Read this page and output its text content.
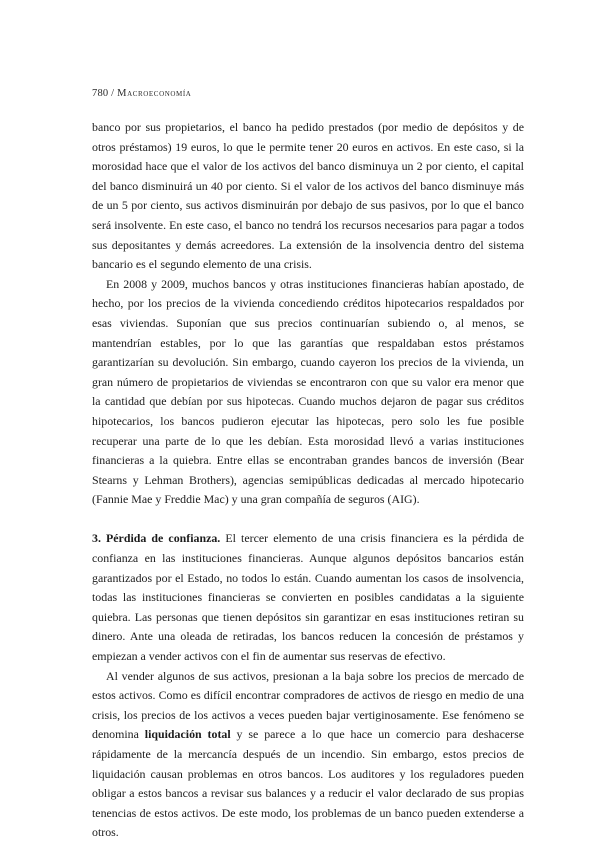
780 / Macroeconomía

banco por sus propietarios, el banco ha pedido prestados (por medio de depósitos y de otros préstamos) 19 euros, lo que le permite tener 20 euros en activos. En este caso, si la morosidad hace que el valor de los activos del banco disminuya un 2 por ciento, el capital del banco disminuirá un 40 por ciento. Si el valor de los activos del banco disminuye más de un 5 por ciento, sus activos disminuirán por debajo de sus pasivos, por lo que el banco será insolvente. En este caso, el banco no tendrá los recursos necesarios para pagar a todos sus depositantes y demás acreedores. La extensión de la insolvencia dentro del sistema bancario es el segundo elemento de una crisis.

En 2008 y 2009, muchos bancos y otras instituciones financieras habían apostado, de hecho, por los precios de la vivienda concediendo créditos hipotecarios respaldados por esas viviendas. Suponían que sus precios continuarían subiendo o, al menos, se mantendrían estables, por lo que las garantías que respaldaban estos préstamos garantizarían su devolución. Sin embargo, cuando cayeron los precios de la vivienda, un gran número de propietarios de viviendas se encontraron con que su valor era menor que la cantidad que debían por sus hipotecas. Cuando muchos dejaron de pagar sus créditos hipotecarios, los bancos pudieron ejecutar las hipotecas, pero solo les fue posible recuperar una parte de lo que les debían. Esta morosidad llevó a varias instituciones financieras a la quiebra. Entre ellas se encontraban grandes bancos de inversión (Bear Stearns y Lehman Brothers), agencias semipúblicas dedicadas al mercado hipotecario (Fannie Mae y Freddie Mac) y una gran compañía de seguros (AIG).

3. Pérdida de confianza. El tercer elemento de una crisis financiera es la pérdida de confianza en las instituciones financieras. Aunque algunos depósitos bancarios están garantizados por el Estado, no todos lo están. Cuando aumentan los casos de insolvencia, todas las instituciones financieras se convierten en posibles candidatas a la siguiente quiebra. Las personas que tienen depósitos sin garantizar en esas instituciones retiran su dinero. Ante una oleada de retiradas, los bancos reducen la concesión de préstamos y empiezan a vender activos con el fin de aumentar sus reservas de efectivo.

Al vender algunos de sus activos, presionan a la baja sobre los precios de mercado de estos activos. Como es difícil encontrar compradores de activos de riesgo en medio de una crisis, los precios de los activos a veces pueden bajar vertiginosamente. Ese fenómeno se denomina liquidación total y se parece a lo que hace un comercio para deshacerse rápidamente de la mercancía después de un incendio. Sin embargo, estos precios de liquidación causan problemas en otros bancos. Los auditores y los reguladores pueden obligar a estos bancos a revisar sus balances y a reducir el valor declarado de sus propias tenencias de estos activos. De este modo, los problemas de un banco pueden extenderse a otros.
